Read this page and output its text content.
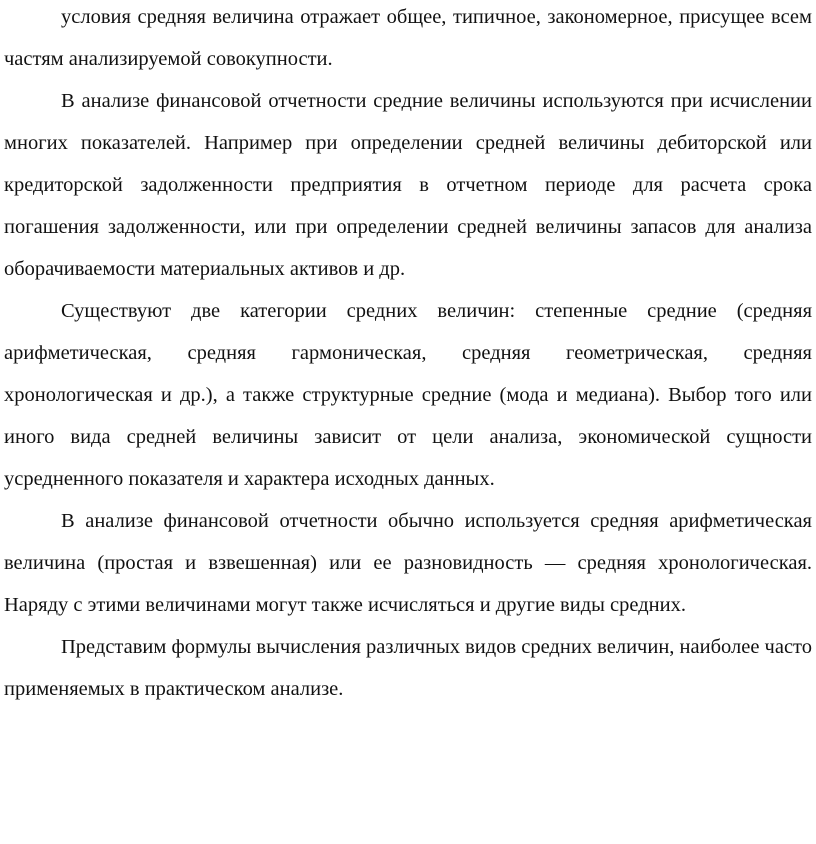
условия средняя величина отражает общее, типичное, закономерное, присущее всем частям анализируемой совокупности.

В анализе финансовой отчетности средние величины используются при исчислении многих показателей. Например при определении средней величины дебиторской или кредиторской задолженности предприятия в отчетном периоде для расчета срока погашения задолженности, или при определении средней величины запасов для анализа оборачиваемости материальных активов и др.

Существуют две категории средних величин: степенные средние (средняя арифметическая, средняя гармоническая, средняя геометрическая, средняя хронологическая и др.), а также структурные средние (мода и медиана). Выбор того или иного вида средней величины зависит от цели анализа, экономической сущности усредненного показателя и характера исходных данных.

В анализе финансовой отчетности обычно используется средняя арифметическая величина (простая и взвешенная) или ее разновидность — средняя хронологическая. Наряду с этими величинами могут также исчисляться и другие виды средних.

Представим формулы вычисления различных видов средних величин, наиболее часто применяемых в практическом анализе.
